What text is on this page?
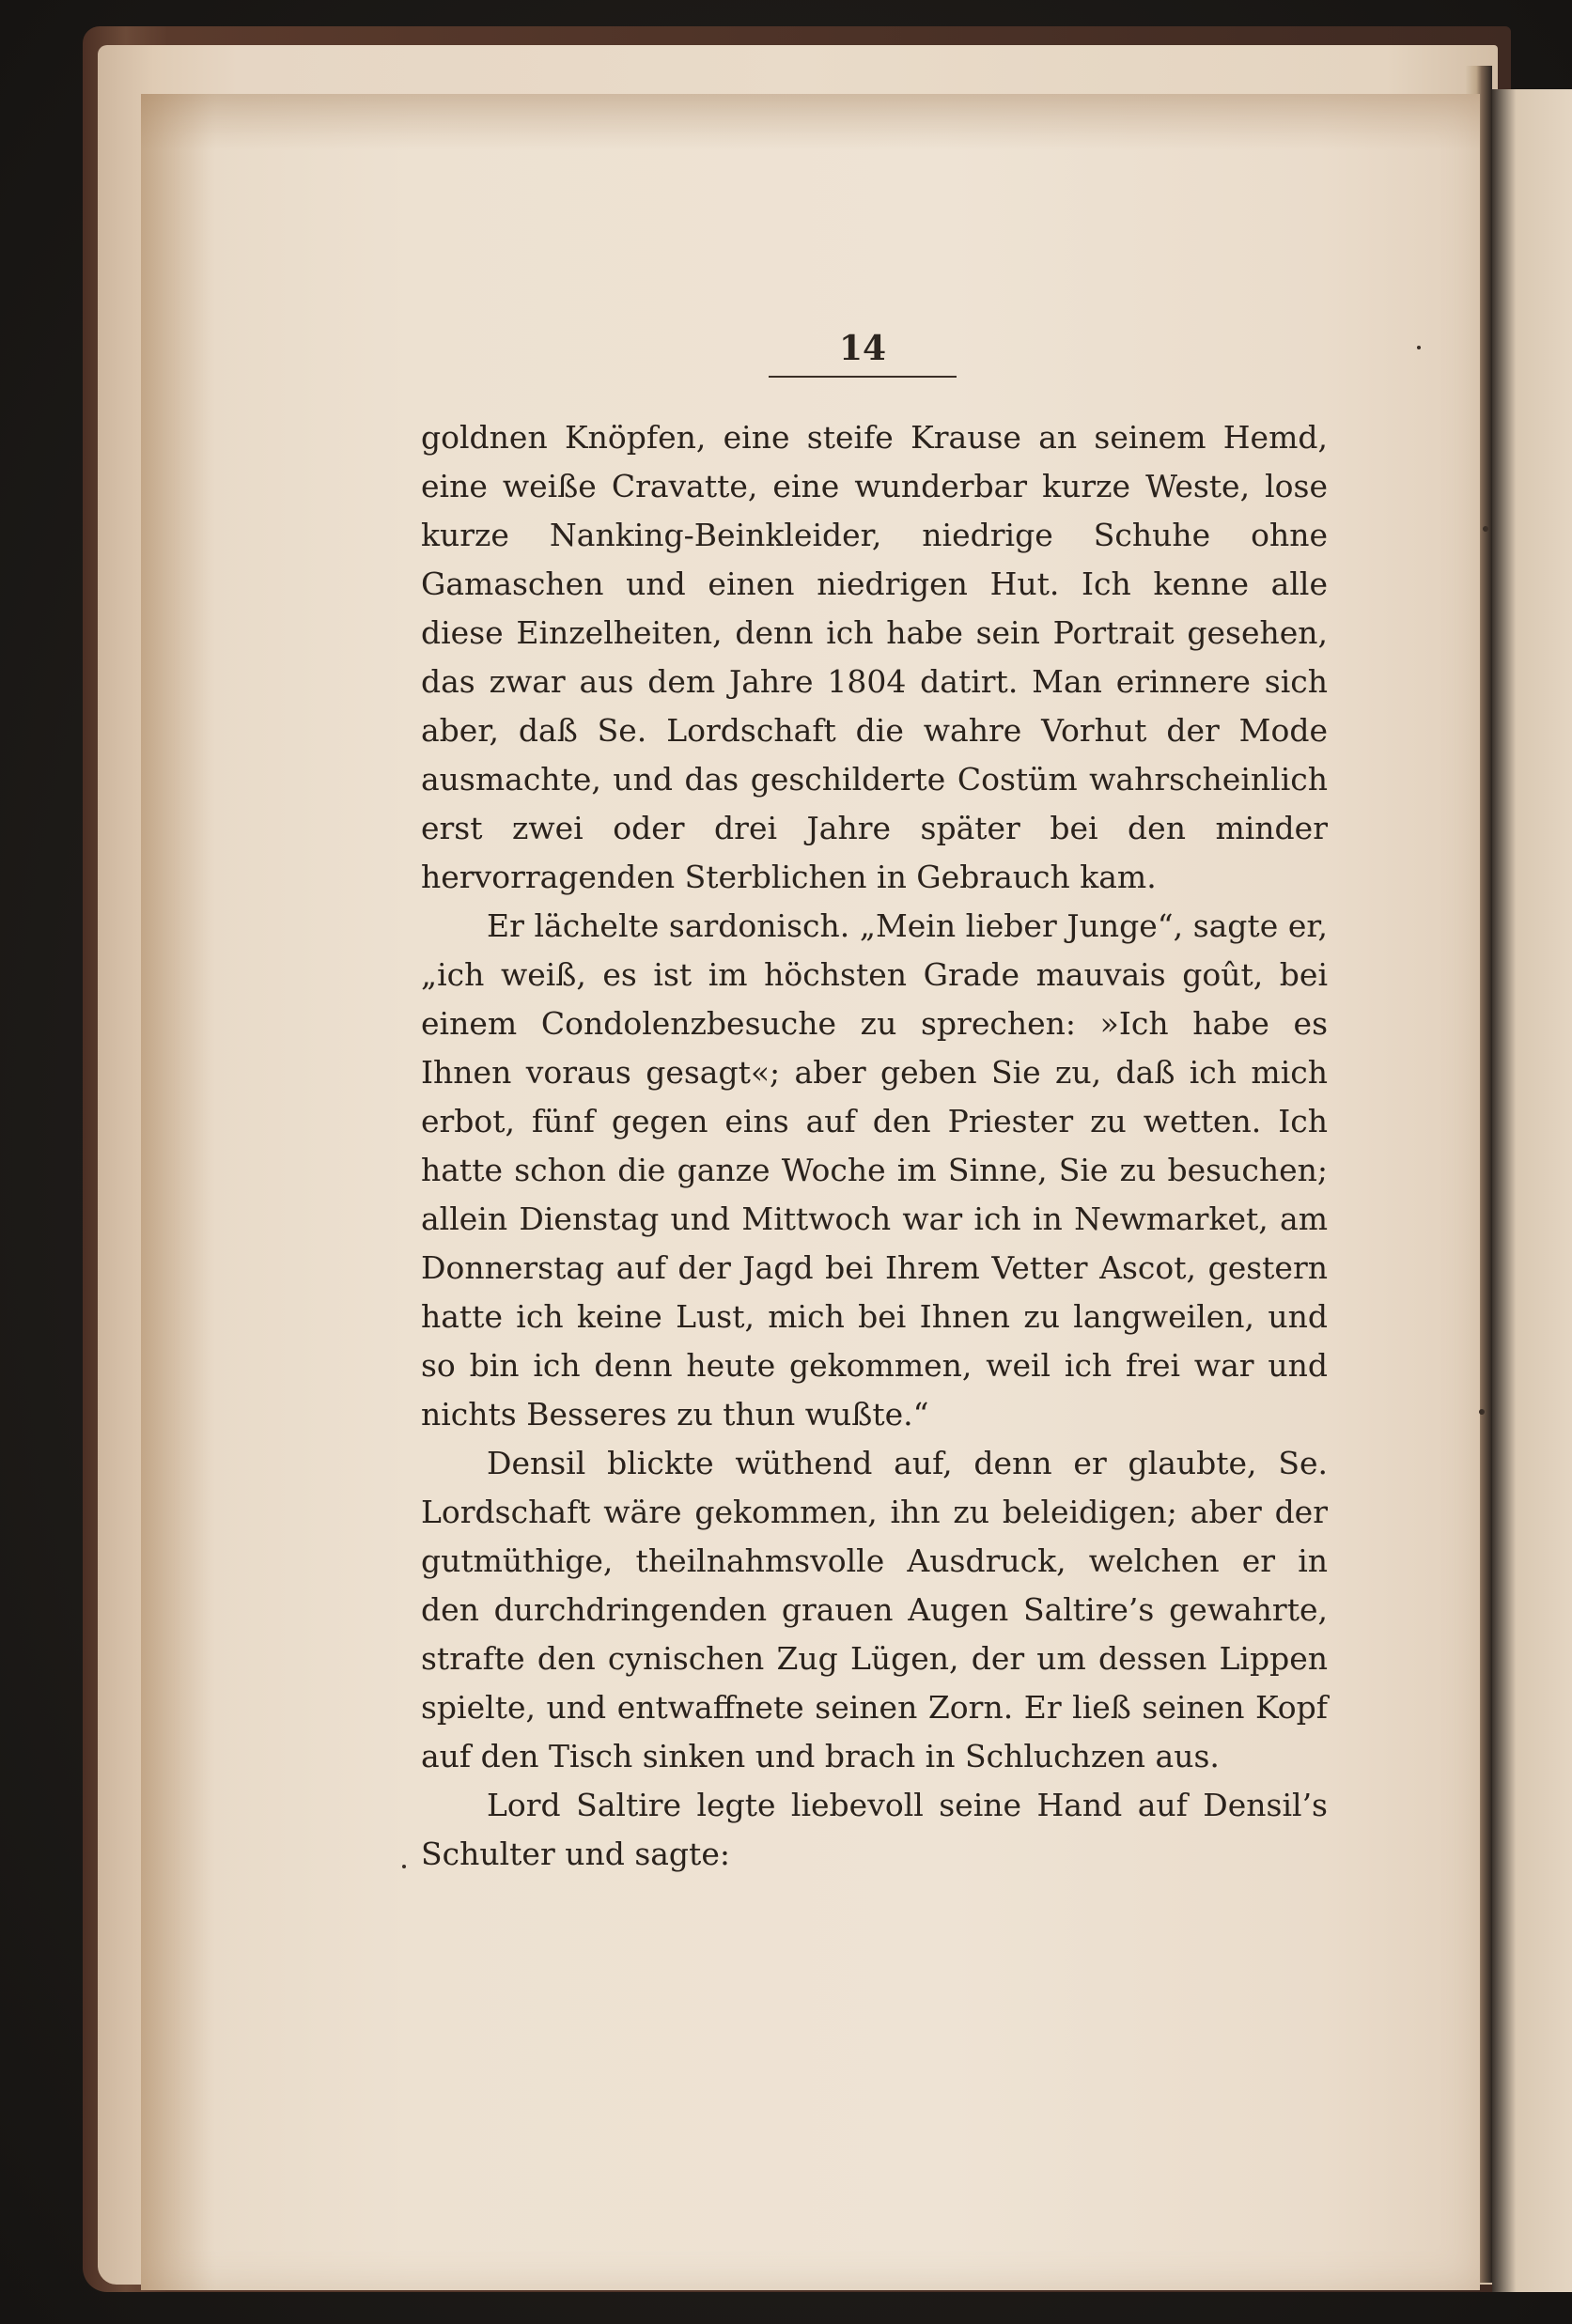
14

goldnen Knöpfen, eine steife Krause an seinem Hemd, eine weiße Cravatte, eine wunderbar kurze Weste, lose kurze Nanking-Beinkleider, niedrige Schuhe ohne Gamaschen und einen niedrigen Hut. Ich kenne alle diese Einzelheiten, denn ich habe sein Portrait gesehen, das zwar aus dem Jahre 1804 datirt. Man erinnere sich aber, daß Se. Lordschaft die wahre Vorhut der Mode ausmachte, und das geschilderte Costüm wahrscheinlich erst zwei oder drei Jahre später bei den minder hervorragenden Sterblichen in Gebrauch kam.

Er lächelte sardonisch. „Mein lieber Junge“, sagte er, „ich weiß, es ist im höchsten Grade mauvais goût, bei einem Condolenzbesuche zu sprechen: »Ich habe es Ihnen voraus gesagt«; aber geben Sie zu, daß ich mich erbot, fünf gegen eins auf den Priester zu wetten. Ich hatte schon die ganze Woche im Sinne, Sie zu besuchen; allein Dienstag und Mittwoch war ich in Newmarket, am Donnerstag auf der Jagd bei Ihrem Vetter Ascot, gestern hatte ich keine Lust, mich bei Ihnen zu langweilen, und so bin ich denn heute gekommen, weil ich frei war und nichts Besseres zu thun wußte.“

Densil blickte wüthend auf, denn er glaubte, Se. Lordschaft wäre gekommen, ihn zu beleidigen; aber der gutmüthige, theilnahmsvolle Ausdruck, welchen er in den durchdringenden grauen Augen Saltire’s gewahrte, strafte den cynischen Zug Lügen, der um dessen Lippen spielte, und entwaffnete seinen Zorn. Er ließ seinen Kopf auf den Tisch sinken und brach in Schluchzen aus.

Lord Saltire legte liebevoll seine Hand auf Densil’s Schulter und sagte:
